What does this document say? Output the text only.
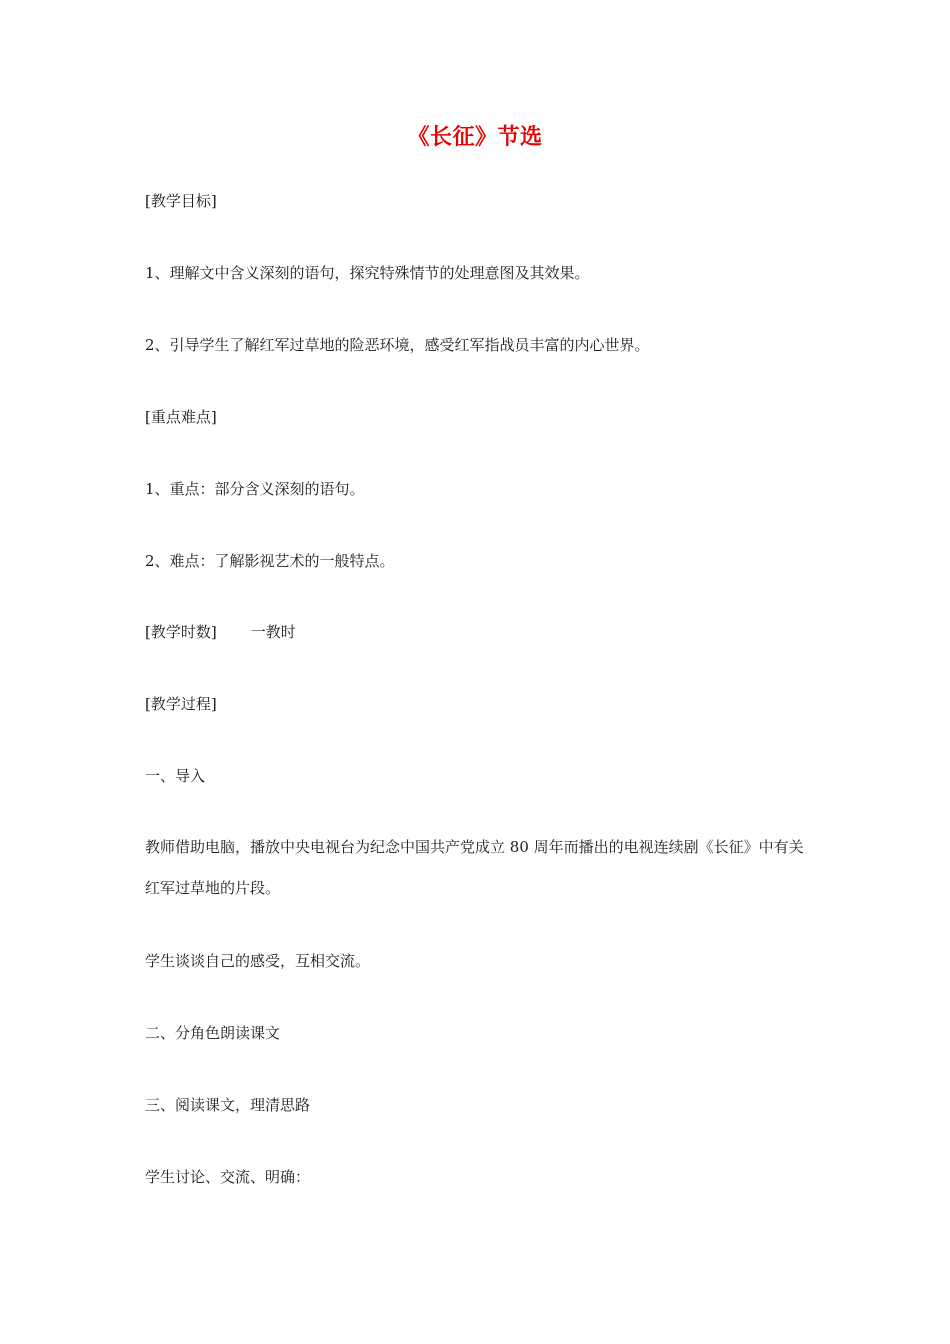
《长征》节选
[教学目标]
1、理解文中含义深刻的语句，探究特殊情节的处理意图及其效果。
2、引导学生了解红军过草地的险恶环境，感受红军指战员丰富的内心世界。
[重点难点]
1、重点：部分含义深刻的语句。
2、难点：了解影视艺术的一般特点。
[教学时数] 一教时
[教学过程]
一、导入
教师借助电脑，播放中央电视台为纪念中国共产党成立 80 周年而播出的电视连续剧《长征》中有关红军过草地的片段。
学生谈谈自己的感受，互相交流。
二、分角色朗读课文
三、阅读课文，理清思路
学生讨论、交流、明确：
